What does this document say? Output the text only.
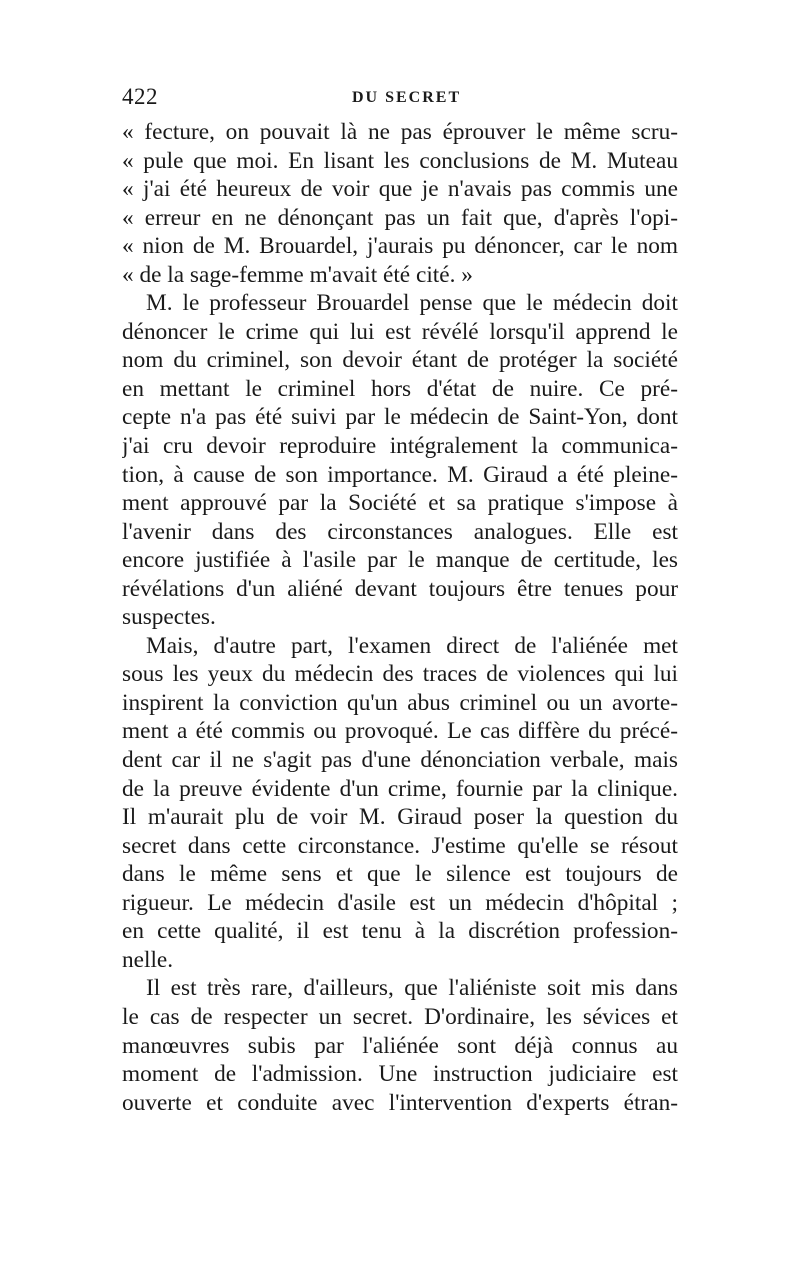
422	DU SECRET
« fecture, on pouvait là ne pas éprouver le même scru-
« pule que moi. En lisant les conclusions de M. Muteau
« j'ai été heureux de voir que je n'avais pas commis une
« erreur en ne dénonçant pas un fait que, d'après l'opi-
« nion de M. Brouardel, j'aurais pu dénoncer, car le nom
« de la sage-femme m'avait été cité. »
M. le professeur Brouardel pense que le médecin doit
dénoncer le crime qui lui est révélé lorsqu'il apprend le
nom du criminel, son devoir étant de protéger la société
en mettant le criminel hors d'état de nuire. Ce pré-
cepte n'a pas été suivi par le médecin de Saint-Yon, dont
j'ai cru devoir reproduire intégralement la communica-
tion, à cause de son importance. M. Giraud a été pleine-
ment approuvé par la Société et sa pratique s'impose à
l'avenir dans des circonstances analogues. Elle est
encore justifiée à l'asile par le manque de certitude, les
révélations d'un aliéné devant toujours être tenues pour
suspectes.
Mais, d'autre part, l'examen direct de l'aliénée met
sous les yeux du médecin des traces de violences qui lui
inspirent la conviction qu'un abus criminel ou un avorte-
ment a été commis ou provoqué. Le cas diffère du précé-
dent car il ne s'agit pas d'une dénonciation verbale, mais
de la preuve évidente d'un crime, fournie par la clinique.
Il m'aurait plu de voir M. Giraud poser la question du
secret dans cette circonstance. J'estime qu'elle se résout
dans le même sens et que le silence est toujours de
rigueur. Le médecin d'asile est un médecin d'hôpital ;
en cette qualité, il est tenu à la discrétion profession-
nelle.
Il est très rare, d'ailleurs, que l'aliéniste soit mis dans
le cas de respecter un secret. D'ordinaire, les sévices et
manœuvres subis par l'aliénée sont déjà connus au
moment de l'admission. Une instruction judiciaire est
ouverte et conduite avec l'intervention d'experts étran-
